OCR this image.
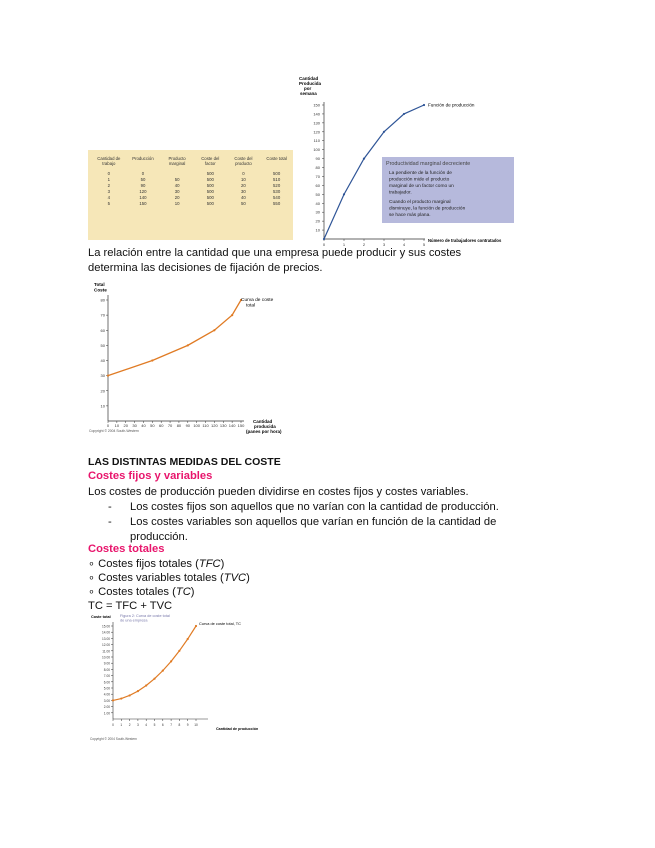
Cantidad de trabajo	Producción	Producto marginal	Coste del factor	Coste del producto	Coste total
0	0		500	0	500
1	50	50	500	10	510
2	90	40	500	20	520
3	120	30	500	30	530
4	140	20	500	40	540
5	150	10	500	50	550
Cantidad Producida por semana
150
140
130
120
110
100
90
80
70
60
50
40
30
20
10
0	1	2	3	4	5
Función de producción
Número de trabajadores contratados
Productividad marginal decreciente
La pendiente de la función de producción mide el producto marginal de un factor como un trabajador.
Cuando el producto marginal disminuye, la función de producción se hace más plana.
La relación entre la cantidad que una empresa puede producir y sus costes determina las decisiones de fijación de precios.
Total Coste
80
70
60
50
40
30
20
10
0 10 20 30 40 50 60 70 80 90 100 110 120 130 140 150
Curva de coste total
Cantidad producida (panes por hora)
Copyright © 2004 South-Western
LAS DISTINTAS MEDIDAS DEL COSTE
Costes fijos y variables
Los costes de producción pueden dividirse en costes fijos y costes variables.
- Los costes fijos son aquellos que no varían con la cantidad de producción.
- Los costes variables son aquellos que varían en función de la cantidad de producción.
Costes totales
∘ Costes fijos totales (TFC)
∘ Costes variables totales (TVC)
∘ Costes totales (TC)
TC = TFC + TVC
Coste total Figura 2: Curva de coste total de una empresa
15.00
14.00
13.00
12.00
11.00
10.00
9.00
8.00
7.00
6.00
5.00
4.00
3.00
2.00
1.00
0 1 2 3 4 5 6 7 8 9 10
Curva de coste total, TC
Cantidad de producción
Copyright © 2004 South-Western
